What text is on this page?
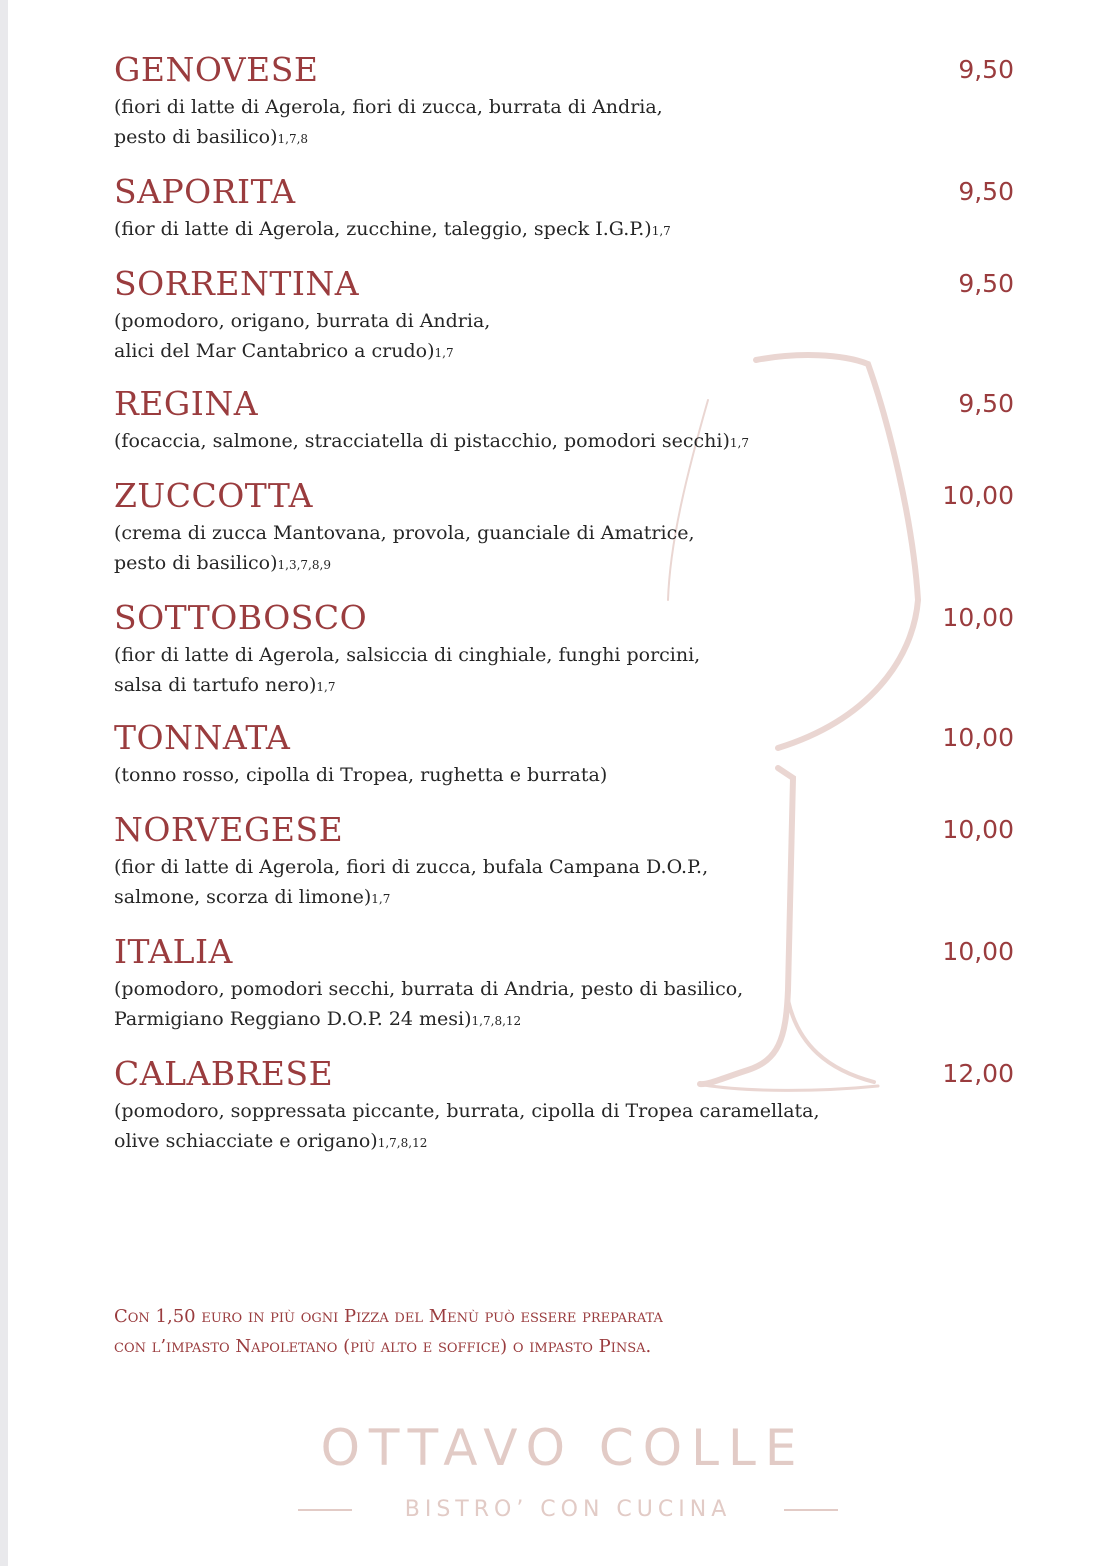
GENOVESE	9,50
(fiori di latte di Agerola, fiori di zucca, burrata di Andria,
pesto di basilico)1,7,8
SAPORITA	9,50
(fior di latte di Agerola, zucchine, taleggio, speck I.G.P.)1,7
SORRENTINA	9,50
(pomodoro, origano, burrata di Andria,
alici del Mar Cantabrico a crudo)1,7
REGINA	9,50
(focaccia, salmone, stracciatella di pistacchio, pomodori secchi)1,7
ZUCCOTTA	10,00
(crema di zucca Mantovana, provola, guanciale di Amatrice,
pesto di basilico)1,3,7,8,9
SOTTOBOSCO	10,00
(fior di latte di Agerola, salsiccia di cinghiale, funghi porcini,
salsa di tartufo nero)1,7
TONNATA	10,00
(tonno rosso, cipolla di Tropea, rughetta e burrata)
NORVEGESE	10,00
(fior di latte di Agerola, fiori di zucca, bufala Campana D.O.P.,
salmone, scorza di limone)1,7
ITALIA	10,00
(pomodoro, pomodori secchi, burrata di Andria, pesto di basilico,
Parmigiano Reggiano D.O.P. 24 mesi)1,7,8,12
CALABRESE	12,00
(pomodoro, soppressata piccante, burrata, cipolla di Tropea caramellata,
olive schiacciate e origano)1,7,8,12
Con 1,50 euro in più ogni Pizza del Menù può essere preparata
con l’impasto Napoletano (più alto e soffice) o impasto Pinsa.
OTTAVO COLLE
BISTRO’ CON CUCINA
